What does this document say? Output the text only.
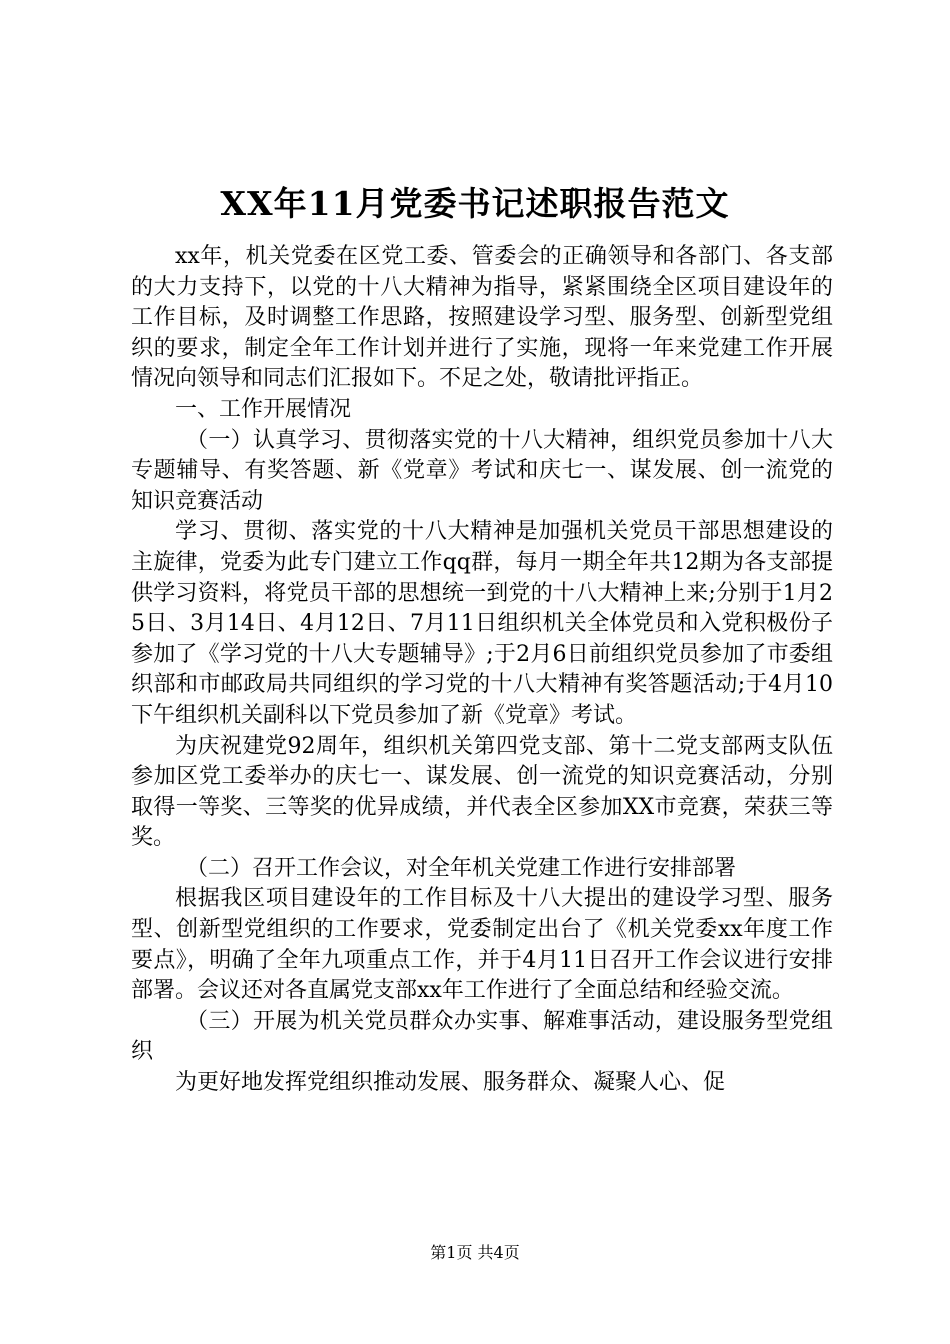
XX年11月党委书记述职报告范文

xx年，机关党委在区党工委、管委会的正确领导和各部门、各支部的大力支持下，以党的十八大精神为指导，紧紧围绕全区项目建设年的工作目标，及时调整工作思路，按照建设学习型、服务型、创新型党组织的要求，制定全年工作计划并进行了实施，现将一年来党建工作开展情况向领导和同志们汇报如下。不足之处，敬请批评指正。

一、工作开展情况

（一）认真学习、贯彻落实党的十八大精神，组织党员参加十八大专题辅导、有奖答题、新《党章》考试和庆七一、谋发展、创一流党的知识竞赛活动

学习、贯彻、落实党的十八大精神是加强机关党员干部思想建设的主旋律，党委为此专门建立工作qq群，每月一期全年共12期为各支部提供学习资料，将党员干部的思想统一到党的十八大精神上来;分别于1月25日、3月14日、4月12日、7月11日组织机关全体党员和入党积极份子参加了《学习党的十八大专题辅导》;于2月6日前组织党员参加了市委组织部和市邮政局共同组织的学习党的十八大精神有奖答题活动;于4月10下午组织机关副科以下党员参加了新《党章》考试。

为庆祝建党92周年，组织机关第四党支部、第十二党支部两支队伍参加区党工委举办的庆七一、谋发展、创一流党的知识竞赛活动，分别取得一等奖、三等奖的优异成绩，并代表全区参加XX市竞赛，荣获三等奖。

（二）召开工作会议，对全年机关党建工作进行安排部署

根据我区项目建设年的工作目标及十八大提出的建设学习型、服务型、创新型党组织的工作要求，党委制定出台了《机关党委xx年度工作要点》，明确了全年九项重点工作，并于4月11日召开工作会议进行安排部署。会议还对各直属党支部xx年工作进行了全面总结和经验交流。

（三）开展为机关党员群众办实事、解难事活动，建设服务型党组织

为更好地发挥党组织推动发展、服务群众、凝聚人心、促

第1页 共4页
